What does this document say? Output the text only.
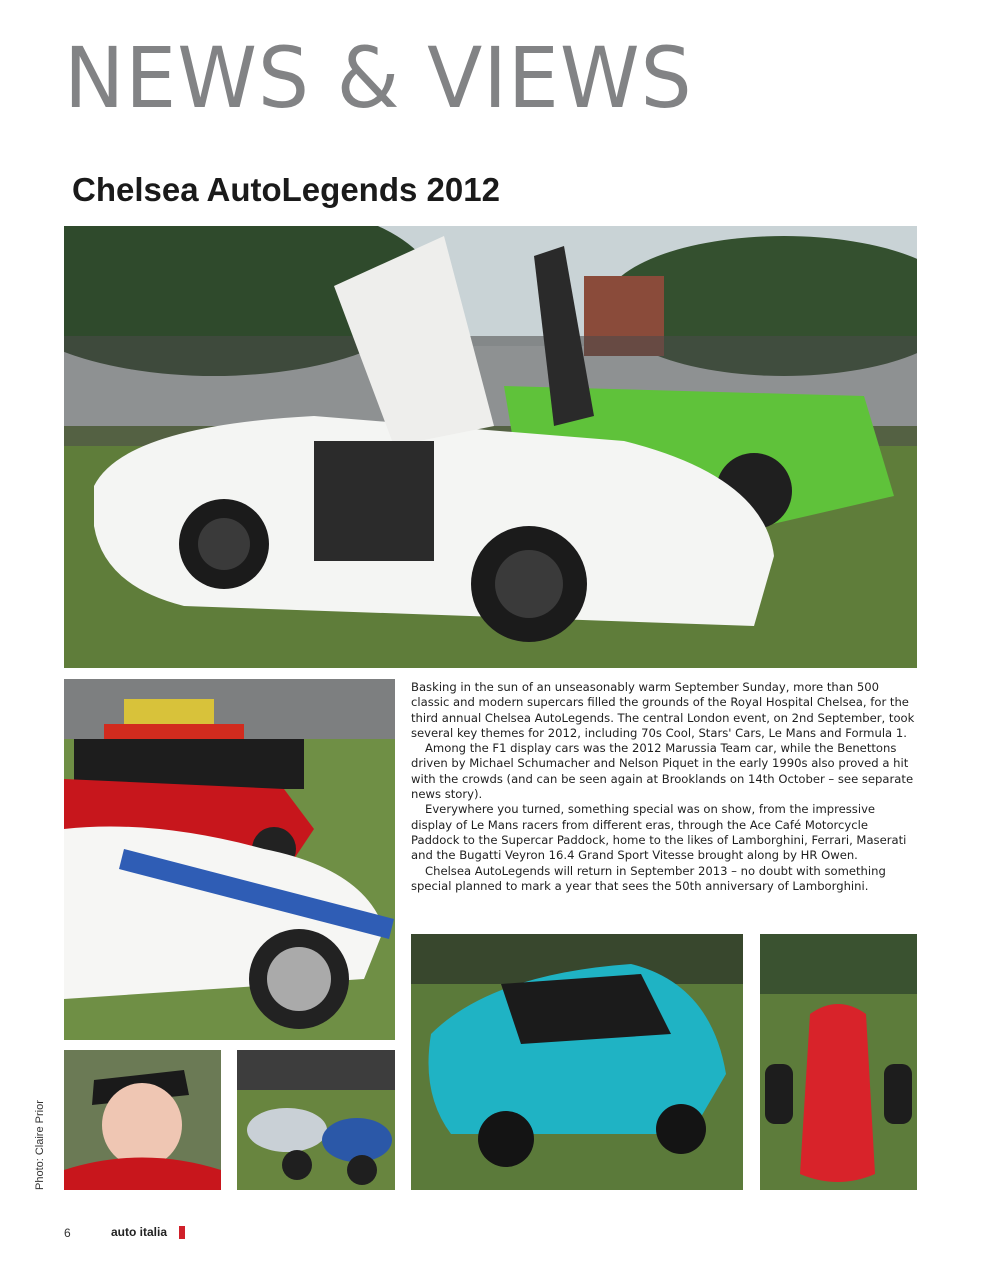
NEWS & VIEWS
Chelsea AutoLegends 2012

Basking in the sun of an unseasonably warm September Sunday, more than 500 classic and modern supercars filled the grounds of the Royal Hospital Chelsea, for the third annual Chelsea AutoLegends. The central London event, on 2nd September, took several key themes for 2012, including 70s Cool, Stars' Cars, Le Mans and Formula 1.

Among the F1 display cars was the 2012 Marussia Team car, while the Benettons driven by Michael Schumacher and Nelson Piquet in the early 1990s also proved a hit with the crowds (and can be seen again at Brooklands on 14th October – see separate news story).

Everywhere you turned, something special was on show, from the impressive display of Le Mans racers from different eras, through the Ace Café Motorcycle Paddock to the Supercar Paddock, home to the likes of Lamborghini, Ferrari, Maserati and the Bugatti Veyron 16.4 Grand Sport Vitesse brought along by HR Owen.

Chelsea AutoLegends will return in September 2013 – no doubt with something special planned to mark a year that sees the 50th anniversary of Lamborghini.

Photo: Claire Prior
6	auto italia
